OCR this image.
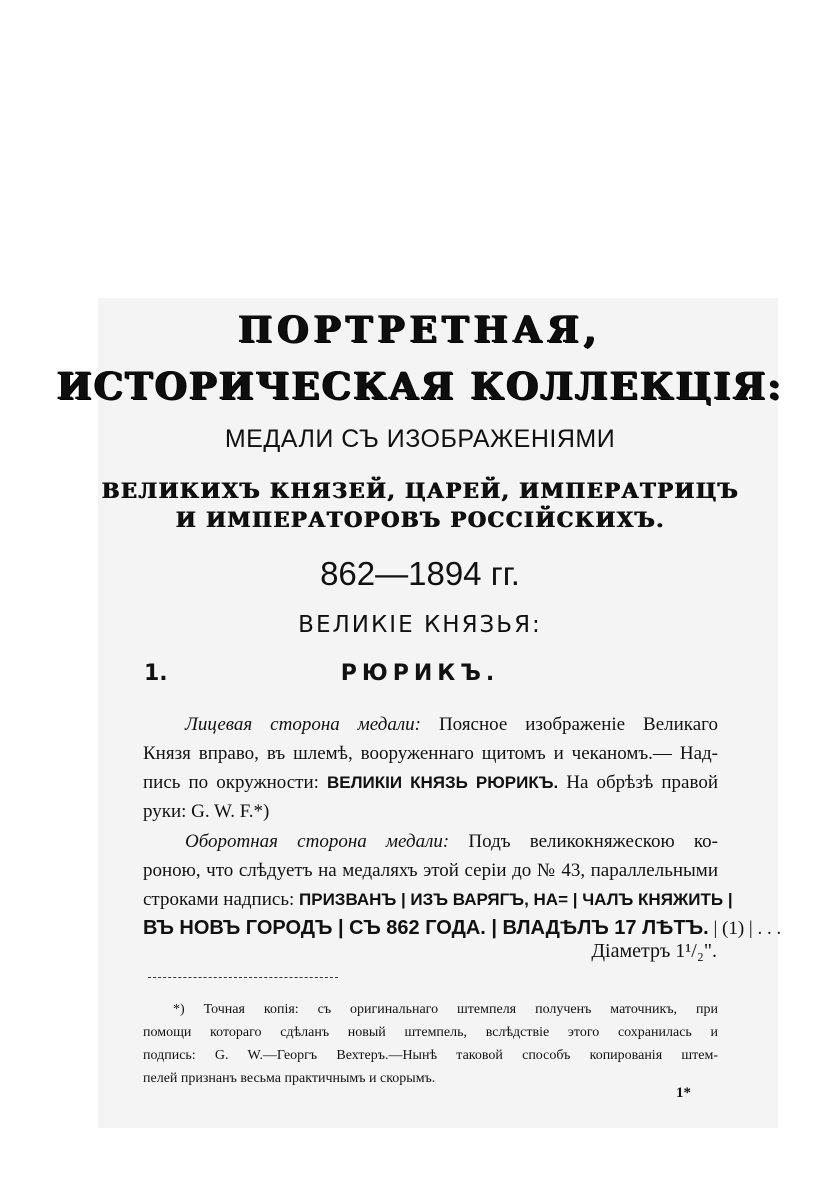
ПОРТРЕТНАЯ,
ИСТОРИЧЕСКАЯ КОЛЛЕКЦІЯ:
МЕДАЛИ СЪ ИЗОБРАЖЕНІЯМИ
ВЕЛИКИХЪ КНЯЗЕЙ, ЦАРЕЙ, ИМПЕРАТРИЦЪ
И ИМПЕРАТОРОВЪ РОССІЙСКИХЪ.
862—1894 гг.
ВЕЛИКІЕ КНЯЗЬЯ:
1.	РЮРИКЪ.
Лицевая сторона медали: Поясное изображеніе Великаго
Князя вправо, въ шлемѣ, вооруженнаго щитомъ и чеканомъ.— Над-
пись по окружности: ВЕЛИКІИ КНЯЗЬ РЮРИКЪ. На обрѣзѣ правой
руки: G. W. F.*)
Оборотная сторона медали: Подъ великокняжескою ко-
роною, что слѣдуетъ на медаляхъ этой серіи до № 43, параллельными
строками надпись: ПРИЗВАНЪ | ИЗЪ ВАРЯГЪ, НА= | ЧАЛЪ КНЯЖИТЬ |
ВЪ НОВЪ ГОРОДЪ | СЪ 862 ГОДА. | ВЛАДѢЛЪ 17 ЛѢТЪ. | (1) | . . .
Діаметръ 1¹/₂".
*) Точная копія: съ оригинальнаго штемпеля полученъ маточникъ, при
помощи котораго сдѣланъ новый штемпель, вслѣдствіе этого сохранилась и
подпись: G. W.—Георгъ Вехтеръ.—Нынѣ таковой способъ копированія штем-
пелей признанъ весьма практичнымъ и скорымъ.
1*
